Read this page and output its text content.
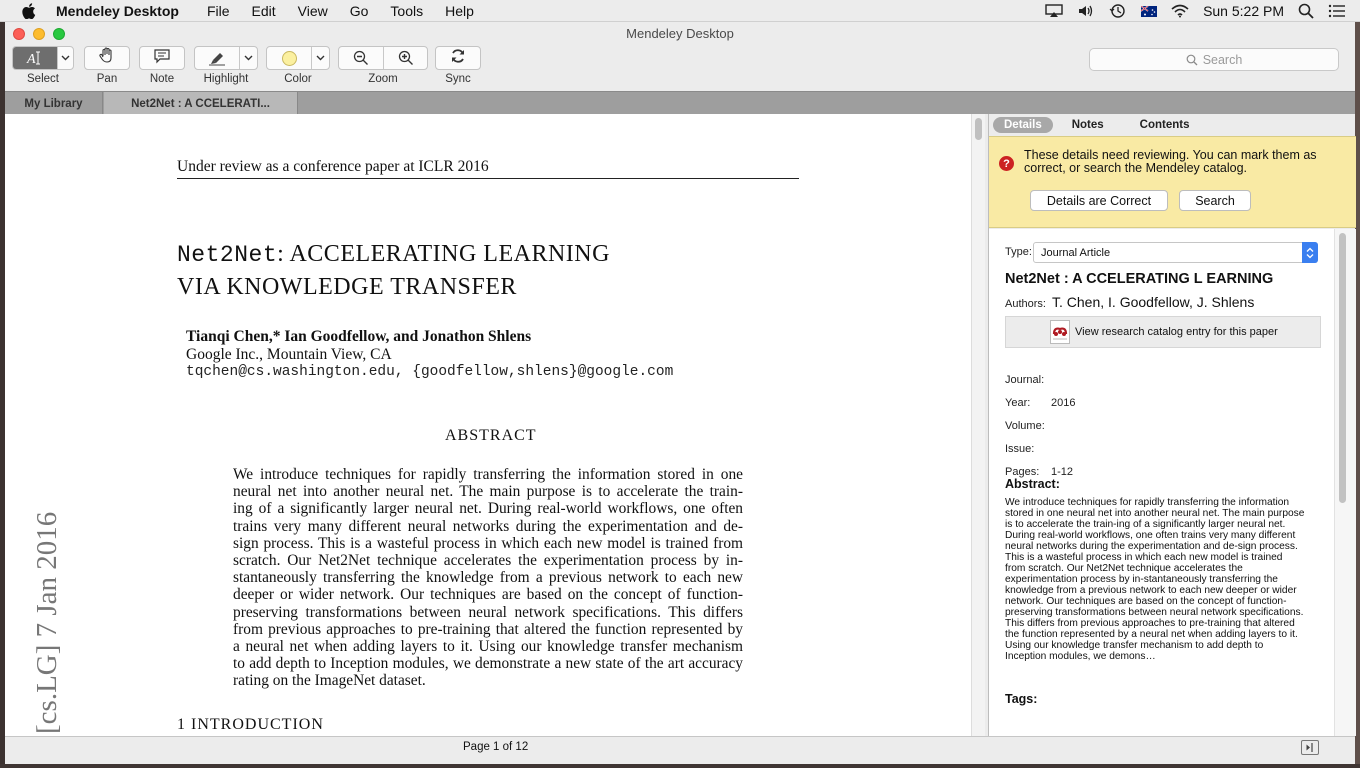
Mendeley Desktop File Edit View Go Tools Help	Sun 5:22 PM
Mendeley Desktop
A
Select	Pan	Note	Highlight	Color	Zoom	Sync
Search
My Library	Net2Net : A CCELERATI...
Under review as a conference paper at ICLR 2016
Net2Net: ACCELERATING LEARNING
VIA KNOWLEDGE TRANSFER
Tianqi Chen,* Ian Goodfellow, and Jonathon Shlens
Google Inc., Mountain View, CA
tqchen@cs.washington.edu, {goodfellow,shlens}@google.com
ABSTRACT
We introduce techniques for rapidly transferring the information stored in one
neural net into another neural net. The main purpose is to accelerate the train-
ing of a significantly larger neural net. During real-world workflows, one often
trains very many different neural networks during the experimentation and de-
sign process. This is a wasteful process in which each new model is trained from
scratch. Our Net2Net technique accelerates the experimentation process by in-
stantaneously transferring the knowledge from a previous network to each new
deeper or wider network. Our techniques are based on the concept of function-
preserving transformations between neural network specifications. This differs
from previous approaches to pre-training that altered the function represented by
a neural net when adding layers to it. Using our knowledge transfer mechanism
to add depth to Inception modules, we demonstrate a new state of the art accuracy
rating on the ImageNet dataset.
1 INTRODUCTION
[cs.LG] 7 Jan 2016
Details	Notes	Contents
?
These details need reviewing. You can mark them as correct, or search the Mendeley catalog.
Details are Correct	Search
Type: Journal Article
Net2Net : A CCELERATING L EARNING
Authors: T. Chen, I. Goodfellow, J. Shlens
View research catalog entry for this paper
Journal:
Year: 2016
Volume:
Issue:
Pages: 1-12
Abstract:
We introduce techniques for rapidly transferring the information stored in one neural net into another neural net. The main purpose is to accelerate the train-ing of a significantly larger neural net. During real-world workflows, one often trains very many different neural networks during the experimentation and de-sign process. This is a wasteful process in which each new model is trained from scratch. Our Net2Net technique accelerates the experimentation process by in-stantaneously transferring the knowledge from a previous network to each new deeper or wider network. Our techniques are based on the concept of function-preserving transformations between neural network specifications. This differs from previous approaches to pre-training that altered the function represented by a neural net when adding layers to it. Using our knowledge transfer mechanism to add depth to Inception modules, we demons…
Tags:
Page 1 of 12
